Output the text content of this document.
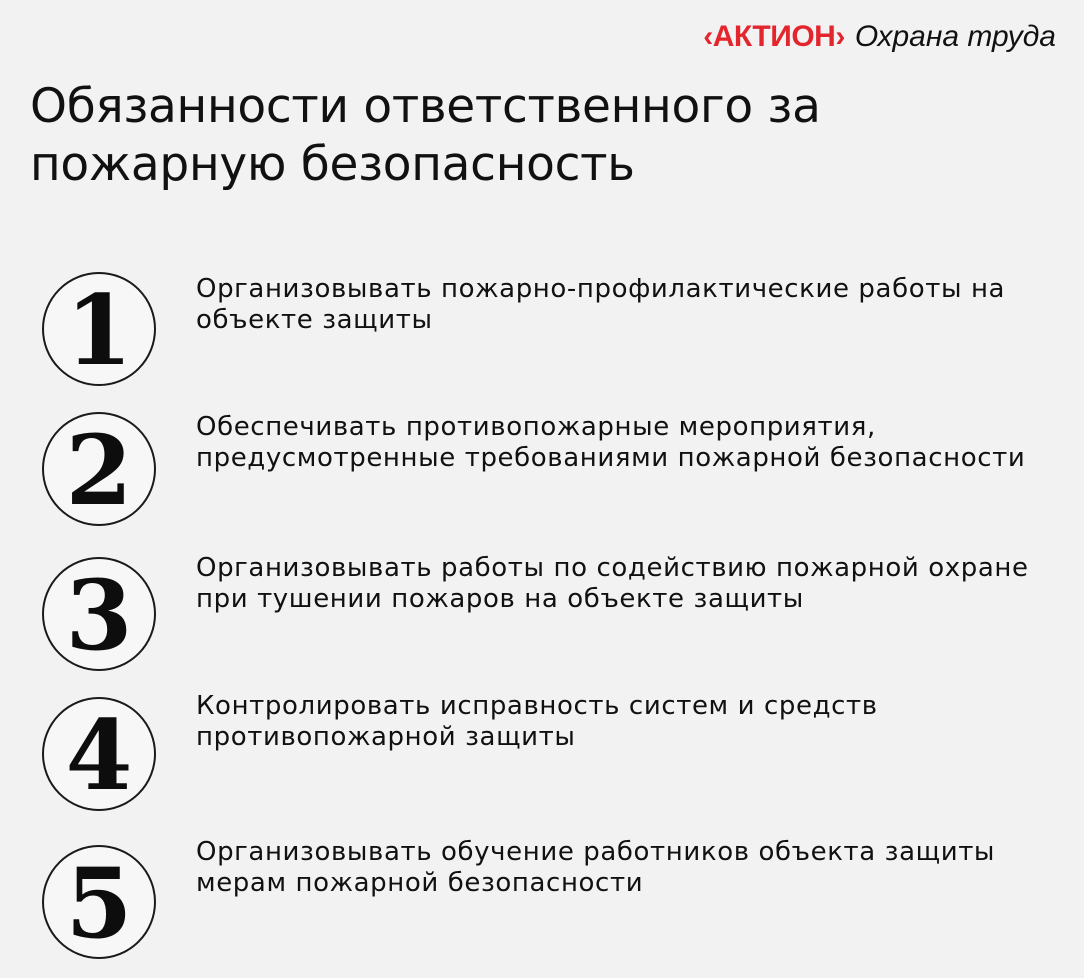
‹АКТИОН› Охрана труда
Обязанности ответственного за пожарную безопасность
1 Организовывать пожарно-профилактические работы на объекте защиты

2 Обеспечивать противопожарные мероприятия, предусмотренные требованиями пожарной безопасности

3 Организовывать работы по содействию пожарной охране при тушении пожаров на объекте защиты

4 Контролировать исправность систем и средств противопожарной защиты

5 Организовывать обучение работников объекта защиты мерам пожарной безопасности
